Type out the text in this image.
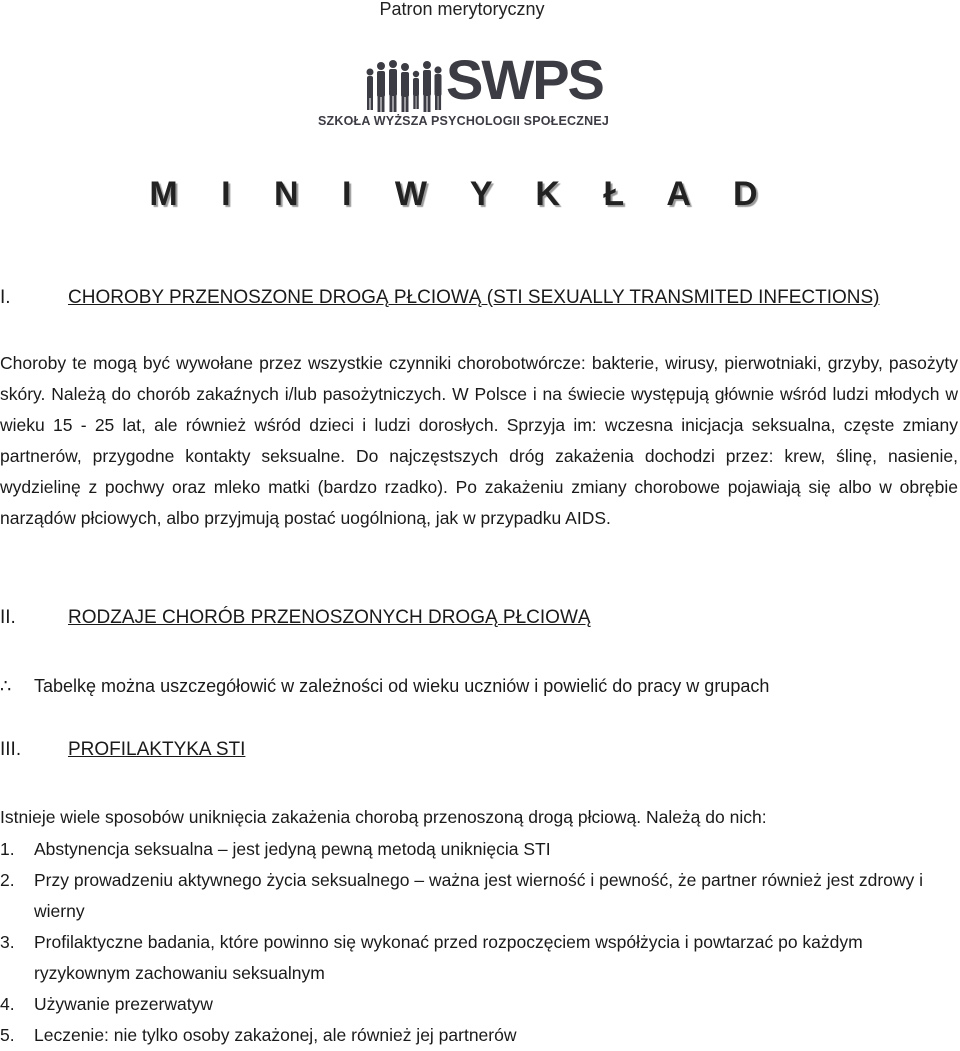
Patron merytoryczny
SWPS
SZKOŁA WYŻSZA PSYCHOLOGII SPOŁECZNEJ
M I N I W Y K Ł A D
I.	CHOROBY PRZENOSZONE DROGĄ PŁCIOWĄ (STI SEXUALLY TRANSMITED INFECTIONS)
Choroby te mogą być wywołane przez wszystkie czynniki chorobotwórcze: bakterie, wirusy, pierwotniaki, grzyby, pasożyty skóry. Należą do chorób zakaźnych i/lub pasożytniczych. W Polsce i na świecie występują głównie wśród ludzi młodych w wieku 15 - 25 lat, ale również wśród dzieci i ludzi dorosłych. Sprzyja im: wczesna inicjacja seksualna, częste zmiany partnerów, przygodne kontakty seksualne. Do najczęstszych dróg zakażenia dochodzi przez: krew, ślinę, nasienie, wydzielinę z pochwy oraz mleko matki (bardzo rzadko). Po zakażeniu zmiany chorobowe pojawiają się albo w obrębie narządów płciowych, albo przyjmują postać uogólnioną, jak w przypadku AIDS.
II.	RODZAJE CHORÓB PRZENOSZONYCH DROGĄ PŁCIOWĄ
∴ Tabelkę można uszczegółowić w zależności od wieku uczniów i powielić do pracy w grupach
III. PROFILAKTYKA STI
Istnieje wiele sposobów uniknięcia zakażenia chorobą przenoszoną drogą płciową. Należą do nich:
1. Abstynencja seksualna – jest jedyną pewną metodą uniknięcia STI
2. Przy prowadzeniu aktywnego życia seksualnego – ważna jest wierność i pewność, że partner również jest zdrowy i wierny
3. Profilaktyczne badania, które powinno się wykonać przed rozpoczęciem współżycia i powtarzać po każdym ryzykownym zachowaniu seksualnym
4. Używanie prezerwatyw
5. Leczenie: nie tylko osoby zakażonej, ale również jej partnerów
